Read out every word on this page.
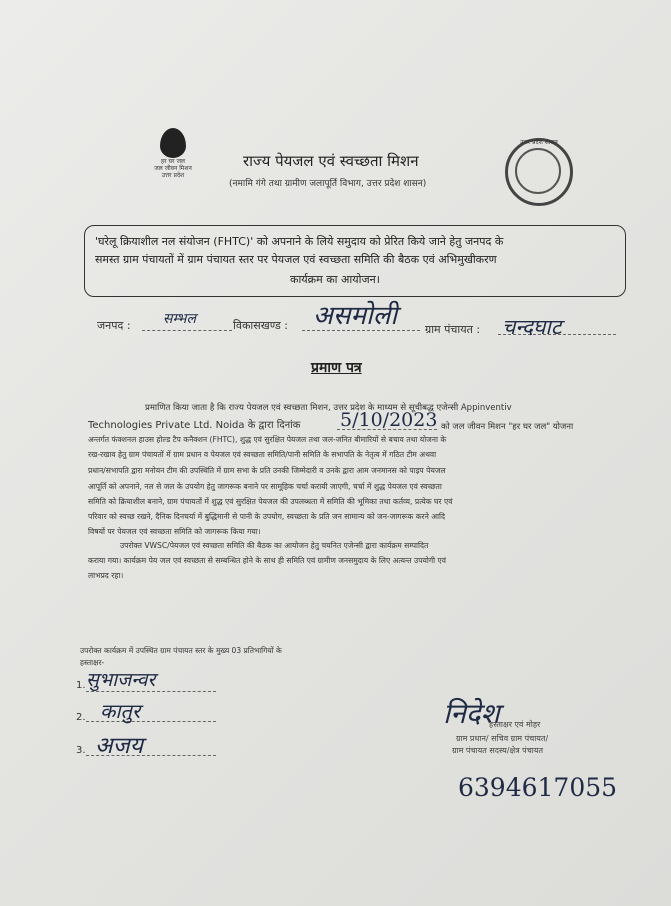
हर घर जल
जल जीवन मिशन
उत्तर प्रदेश
उत्तर प्रदेश शासन
राज्य पेयजल एवं स्वच्छता मिशन
(नमामि गंगे तथा ग्रामीण जलापूर्ति विभाग, उत्तर प्रदेश शासन)

'घरेलू क्रियाशील नल संयोजन (FHTC)' को अपनाने के लिये समुदाय को प्रेरित किये जाने हेतु जनपद के

समस्त ग्राम पंचायतों में ग्राम पंचायत स्तर पर पेयजल एवं स्वच्छता समिति की बैठक एवं अभिमुखीकरण

कार्यक्रम का आयोजन।

जनपद : सम्भल	विकासखण्ड : असमोली	ग्राम पंचायत : चन्दघाट
प्रमाण पत्र
प्रमाणित किया जाता है कि राज्य पेयजल एवं स्वच्छता मिशन, उत्तर प्रदेश के माध्यम से सूचीबद्ध एजेन्सी Appinventiv
Technologies Private Ltd. Noida के द्वारा दिनांक 5/10/2023 को जल जीवन मिशन "हर घर जल" योजना
अन्तर्गत फंक्शनल हाउस होल्ड टैप कनैक्शन (FHTC), शुद्ध एवं सुरक्षित पेयजल तथा जल-जनित बीमारियों से बचाव तथा योजना के
रख-रखाव हेतु ग्राम पंचायतों में ग्राम प्रधान व पेयजल एवं स्वच्छता समिति/पानी समिति के सभापति के नेतृत्व में गठित टीम अथवा
प्रधान/सभापति द्वारा मनोयन टीम की उपस्थिति में ग्राम सभा के प्रति उनकी जिम्मेदारी व उनके द्वारा आम जनमानस को पाइप पेयजल
आपूर्ति को अपनाने, नल से जल के उपयोग हेतु जागरूक बनाने पर सामूहिक चर्चा करायी जाएगी, चर्चा में शुद्ध पेयजल एवं स्वच्छता
समिति को क्रियाशील बनाने, ग्राम पंचायतों में शुद्ध एवं सुरक्षित पेयजल की उपलब्धता में समिति की भूमिका तथा कर्तव्य, प्रत्येक घर एवं
परिवार को स्वच्छ रखने, दैनिक दिनचर्या में बुद्धिमानी से पानी के उपयोग, स्वच्छता के प्रति जन सामान्य को जन-जागरूक करने आदि
विषयों पर पेयजल एवं स्वच्छता समिति को जागरूक किया गया।
उपरोक्त VWSC/पेयजल एवं स्वच्छता समिति की बैठक का आयोजन हेतु चयनित एजेन्सी द्वारा कार्यक्रम सम्पादित
कराया गया। कार्यक्रम पेय जल एवं स्वच्छता से सम्बन्धित होने के साथ ही समिति एवं ग्रामीण जनसमुदाय के लिए अत्यन्त उपयोगी एवं
लाभप्रद रहा।
उपरोक्त कार्यक्रम में उपस्थित ग्राम पंचायत स्तर के मुख्य 03 प्रतिभागियों के
हस्ताक्षर-
1. सुभाजन्वर
2. कातुर
3. अजय
निदेश
हस्ताक्षर एवं मोहर
ग्राम प्रधान/ सचिव ग्राम पंचायत/
ग्राम पंचायत सदस्य/क्षेत्र पंचायत
6394617055
